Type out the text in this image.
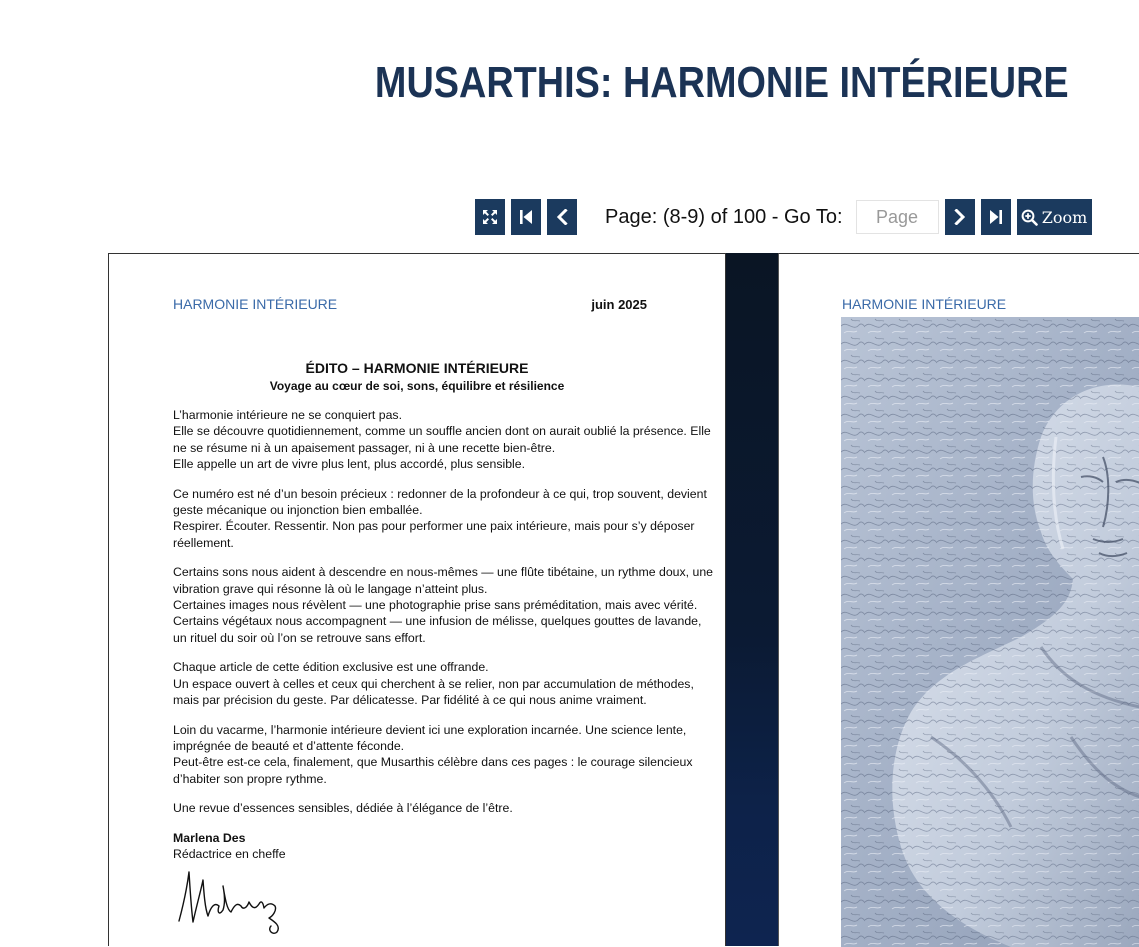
MUSARTHIS: HARMONIE INTÉRIEURE
Page: (8-9) of 100 - Go To:
Page	Zoom
HARMONIE INTÉRIEURE	juin 2025
ÉDITO – HARMONIE INTÉRIEURE
Voyage au cœur de soi, sons, équilibre et résilience

L’harmonie intérieure ne se conquiert pas.
Elle se découvre quotidiennement, comme un souffle ancien dont on aurait oublié la présence. Elle ne se résume ni à un apaisement passager, ni à une recette bien-être.
Elle appelle un art de vivre plus lent, plus accordé, plus sensible.

Ce numéro est né d’un besoin précieux : redonner de la profondeur à ce qui, trop souvent, devient geste mécanique ou injonction bien emballée.
Respirer. Écouter. Ressentir. Non pas pour performer une paix intérieure, mais pour s’y déposer réellement.

Certains sons nous aident à descendre en nous-mêmes — une flûte tibétaine, un rythme doux, une vibration grave qui résonne là où le langage n’atteint plus.
Certaines images nous révèlent — une photographie prise sans préméditation, mais avec vérité.
Certains végétaux nous accompagnent — une infusion de mélisse, quelques gouttes de lavande, un rituel du soir où l’on se retrouve sans effort.

Chaque article de cette édition exclusive est une offrande.
Un espace ouvert à celles et ceux qui cherchent à se relier, non par accumulation de méthodes, mais par précision du geste. Par délicatesse. Par fidélité à ce qui nous anime vraiment.

Loin du vacarme, l’harmonie intérieure devient ici une exploration incarnée. Une science lente, imprégnée de beauté et d’attente féconde.
Peut-être est-ce cela, finalement, que Musarthis célèbre dans ces pages : le courage silencieux d’habiter son propre rythme.

Une revue d’essences sensibles, dédiée à l’élégance de l’être.

Marlena Des
Rédactrice en cheffe
HARMONIE INTÉRIEURE
